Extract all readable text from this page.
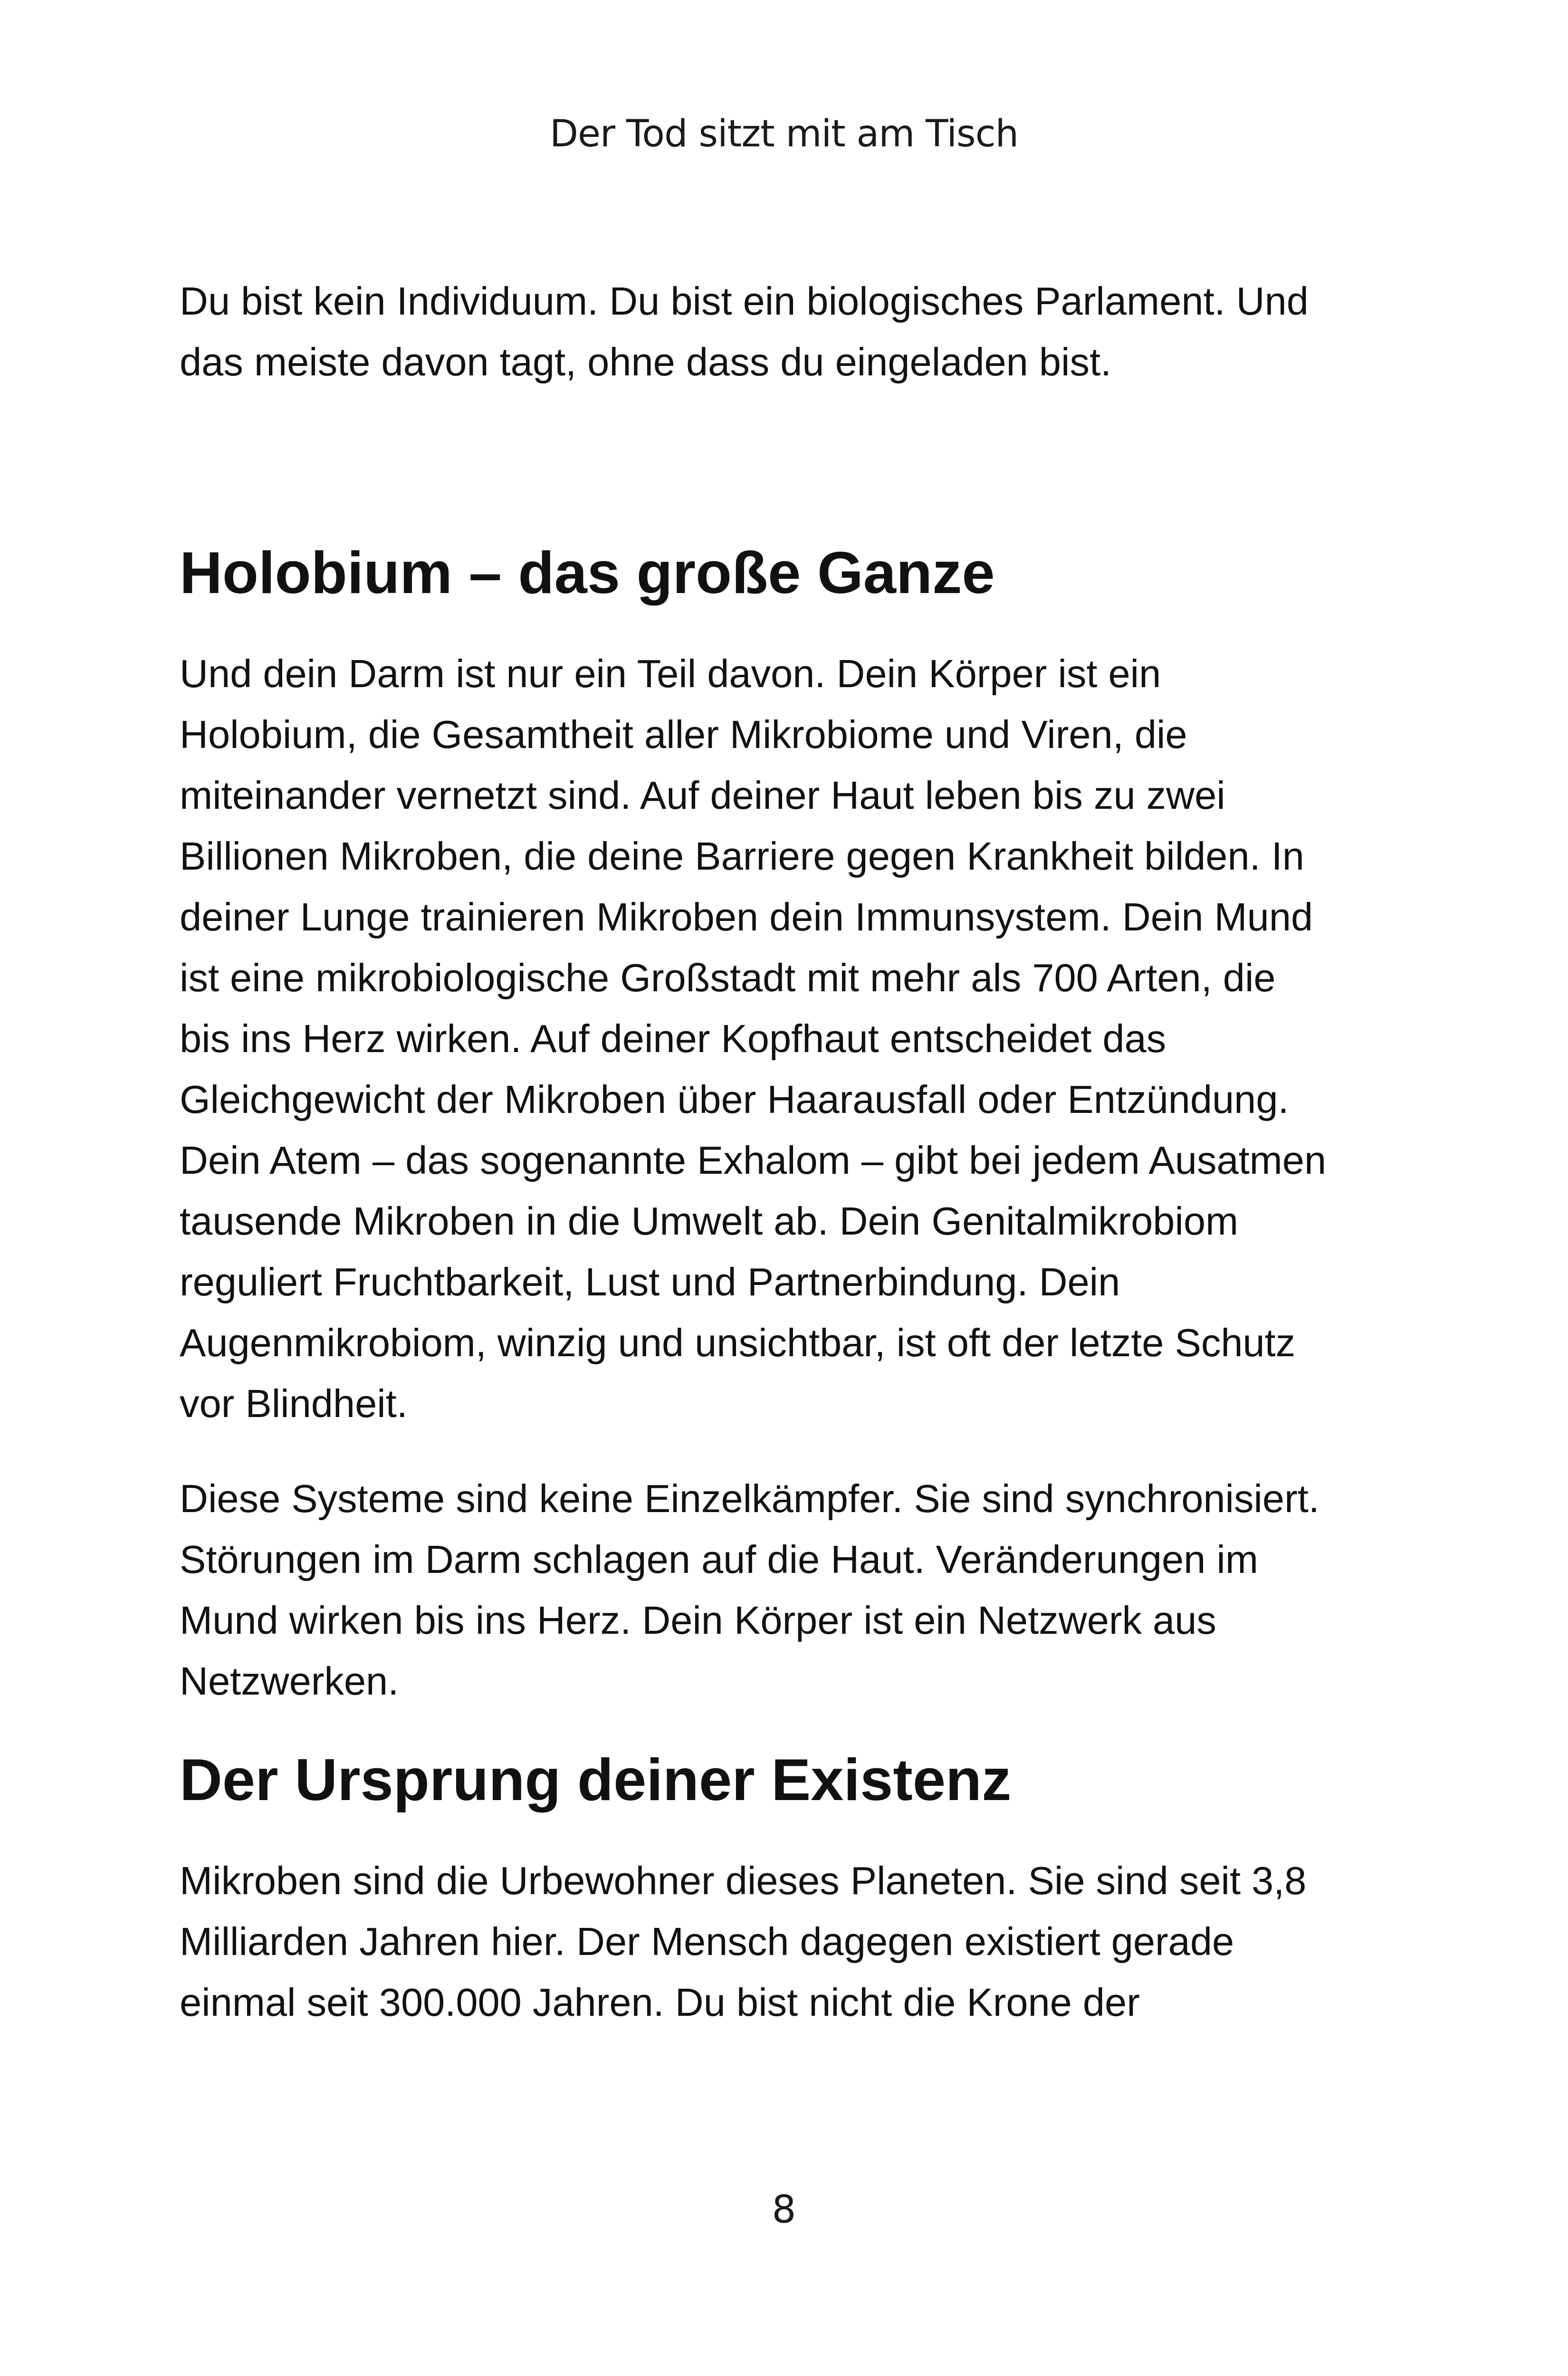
Der Tod sitzt mit am Tisch

Du bist kein Individuum. Du bist ein biologisches Parlament. Und das meiste davon tagt, ohne dass du eingeladen bist.

Holobium – das große Ganze

Und dein Darm ist nur ein Teil davon. Dein Körper ist ein Holobium, die Gesamtheit aller Mikrobiome und Viren, die miteinander vernetzt sind. Auf deiner Haut leben bis zu zwei Billionen Mikroben, die deine Barriere gegen Krankheit bilden. In deiner Lunge trainieren Mikroben dein Immunsystem. Dein Mund ist eine mikrobiologische Großstadt mit mehr als 700 Arten, die bis ins Herz wirken. Auf deiner Kopfhaut entscheidet das Gleichgewicht der Mikroben über Haarausfall oder Entzündung. Dein Atem – das sogenannte Exhalom – gibt bei jedem Ausatmen tausende Mikroben in die Umwelt ab. Dein Genitalmikrobiom reguliert Fruchtbarkeit, Lust und Partnerbindung. Dein Augenmikrobiom, winzig und unsichtbar, ist oft der letzte Schutz vor Blindheit.

Diese Systeme sind keine Einzelkämpfer. Sie sind synchronisiert. Störungen im Darm schlagen auf die Haut. Veränderungen im Mund wirken bis ins Herz. Dein Körper ist ein Netzwerk aus Netzwerken.

Der Ursprung deiner Existenz

Mikroben sind die Urbewohner dieses Planeten. Sie sind seit 3,8 Milliarden Jahren hier. Der Mensch dagegen existiert gerade einmal seit 300.000 Jahren. Du bist nicht die Krone der

8
